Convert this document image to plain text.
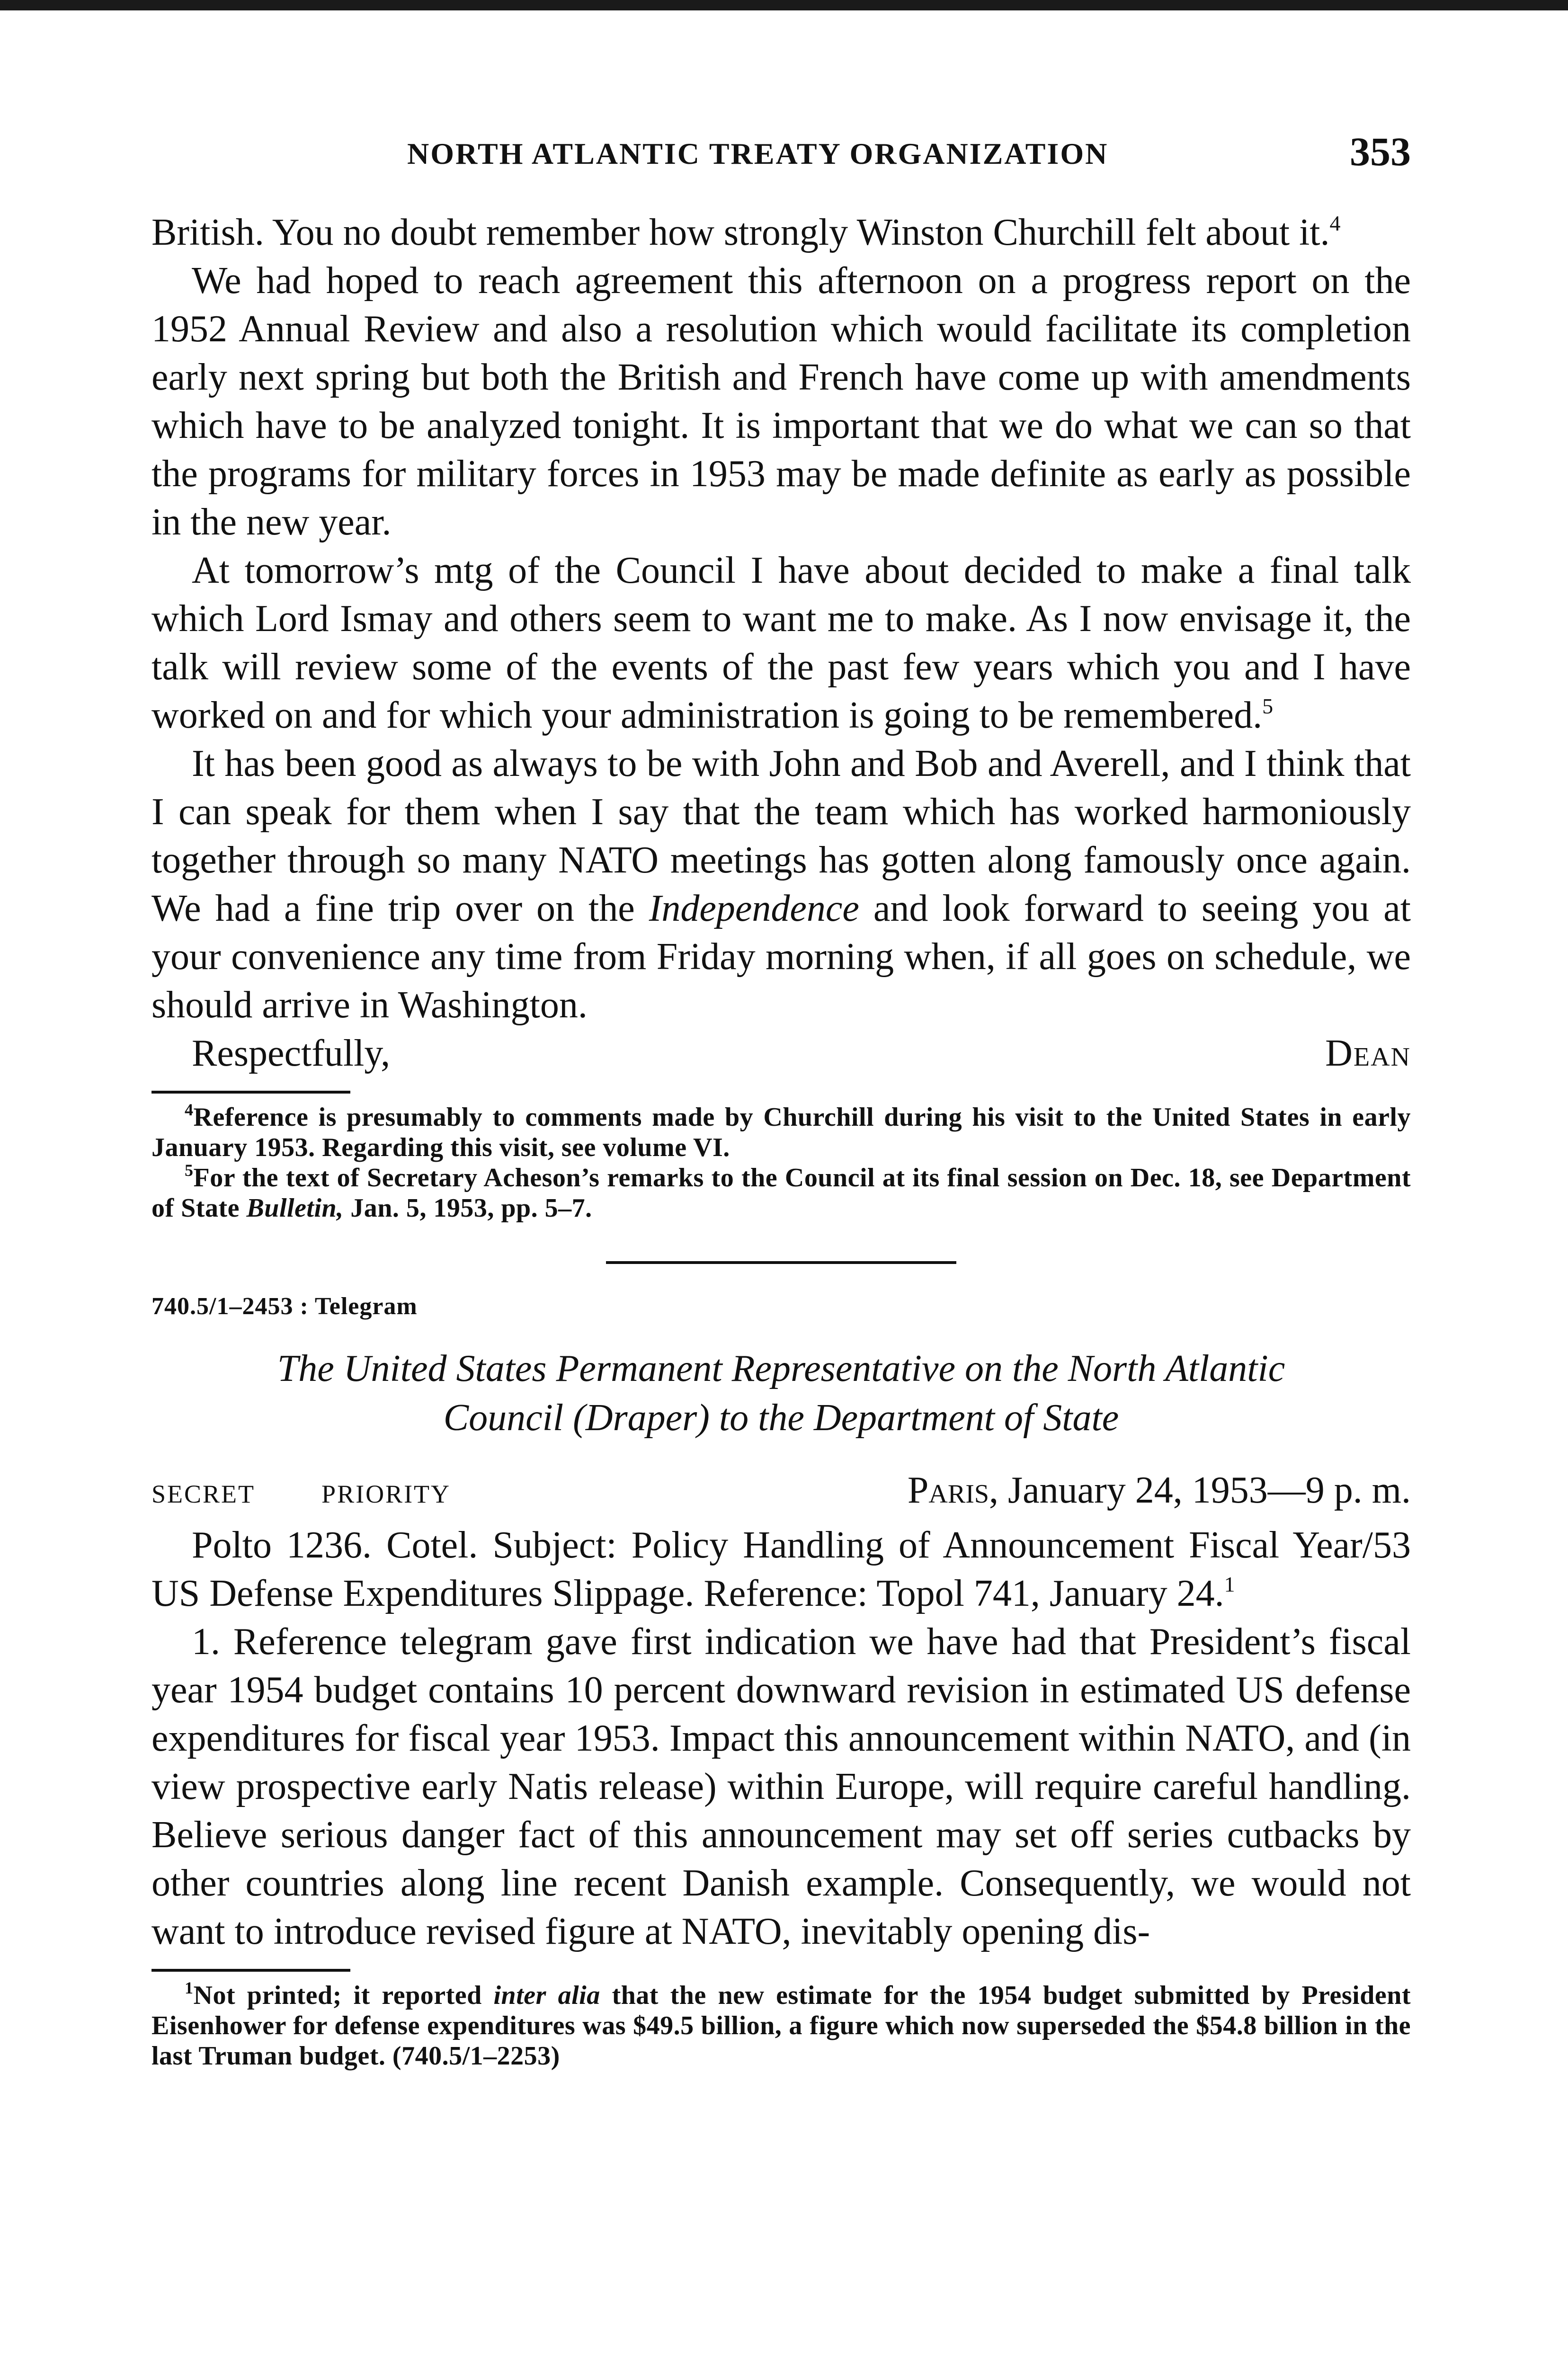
NORTH ATLANTIC TREATY ORGANIZATION	353

British. You no doubt remember how strongly Winston Churchill felt about it.$^4$

We had hoped to reach agreement this afternoon on a progress report on the 1952 Annual Review and also a resolution which would facilitate its completion early next spring but both the British and French have come up with amendments which have to be analyzed tonight. It is important that we do what we can so that the programs for military forces in 1953 may be made definite as early as possible in the new year.

At tomorrow’s mtg of the Council I have about decided to make a final talk which Lord Ismay and others seem to want me to make. As I now envisage it, the talk will review some of the events of the past few years which you and I have worked on and for which your administration is going to be remembered.$^5$

It has been good as always to be with John and Bob and Averell, and I think that I can speak for them when I say that the team which has worked harmoniously together through so many NATO meetings has gotten along famously once again. We had a fine trip over on the Independence and look forward to seeing you at your convenience any time from Friday morning when, if all goes on schedule, we should arrive in Washington.

Respectfully,	Dean

$^4$Reference is presumably to comments made by Churchill during his visit to the United States in early January 1953. Regarding this visit, see volume VI.

$^5$For the text of Secretary Acheson’s remarks to the Council at its final session on Dec. 18, see Department of State Bulletin, Jan. 5, 1953, pp. 5–7.

740.5/1–2453 : Telegram

The United States Permanent Representative on the North Atlantic
Council (Draper) to the Department of State
SECRET	PRIORITY	Paris, January 24, 1953—9 p. m.

Polto 1236. Cotel. Subject: Policy Handling of Announcement Fiscal Year/53 US Defense Expenditures Slippage. Reference: Topol 741, January 24.$^1$

1. Reference telegram gave first indication we have had that President’s fiscal year 1954 budget contains 10 percent downward revision in estimated US defense expenditures for fiscal year 1953. Impact this announcement within NATO, and (in view prospective early Natis release) within Europe, will require careful handling. Believe serious danger fact of this announcement may set off series cutbacks by other countries along line recent Danish example. Consequently, we would not want to introduce revised figure at NATO, inevitably opening dis-

$^1$Not printed; it reported inter alia that the new estimate for the 1954 budget submitted by President Eisenhower for defense expenditures was $49.5 billion, a figure which now superseded the $54.8 billion in the last Truman budget. (740.5/1–2253)
